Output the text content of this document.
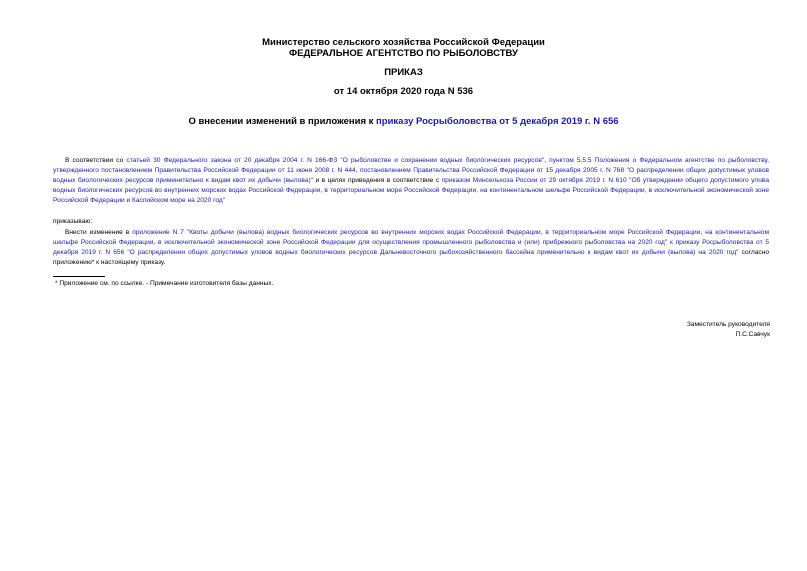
Министерство сельского хозяйства Российской Федерации
ФЕДЕРАЛЬНОЕ АГЕНТСТВО ПО РЫБОЛОВСТВУ
ПРИКАЗ
от 14 октября 2020 года N 536
О внесении изменений в приложения к приказу Росрыболовства от 5 декабря 2019 г. N 656
В соответствии со статьей 30 Федерального закона от 20 декабря 2004 г. N 166-ФЗ "О рыболовстве и сохранении водных биологических ресурсов", пунктом 5.5.5 Положения о Федеральном агентстве по рыболовству, утвержденного постановлением Правительства Российской Федерации от 11 июня 2008 г. N 444, постановлением Правительства Российской Федерации от 15 декабря 2005 г. N 768 "О распределении общих допустимых уловов водных биологических ресурсов применительно к видам квот их добычи (вылова)" и в целях приведения в соответствие с приказом Минсельхоза России от 29 октября 2019 г. N 610 "Об утверждении общего допустимого улова водных биологических ресурсов во внутренних морских водах Российской Федерации, в территориальном море Российской Федерации, на континентальном шельфе Российской Федерации, в исключительной экономической зоне Российской Федерации и Каспийском море на 2020 год"
приказываю:
Внести изменение в приложение N 7 "Квоты добычи (вылова) водных биологических ресурсов во внутренних морских водах Российской Федерации, в территориальном море Российской Федерации, на континентальном шельфе Российской Федерации, в исключительной экономической зоне Российской Федерации для осуществления промышленного рыболовства и (или) прибрежного рыболовства на 2020 год" к приказу Росрыболовства от 5 декабря 2019 г. N 656 "О распределении общих допустимых уловов водных биологических ресурсов Дальневосточного рыбохозяйственного бассейна применительно к видам квот их добычи (вылова) на 2020 год" согласно приложению* к настоящему приказу.
* Приложение см. по ссылке. - Примечание изготовителя базы данных.
Заместитель руководителя
П.С.Савчук
